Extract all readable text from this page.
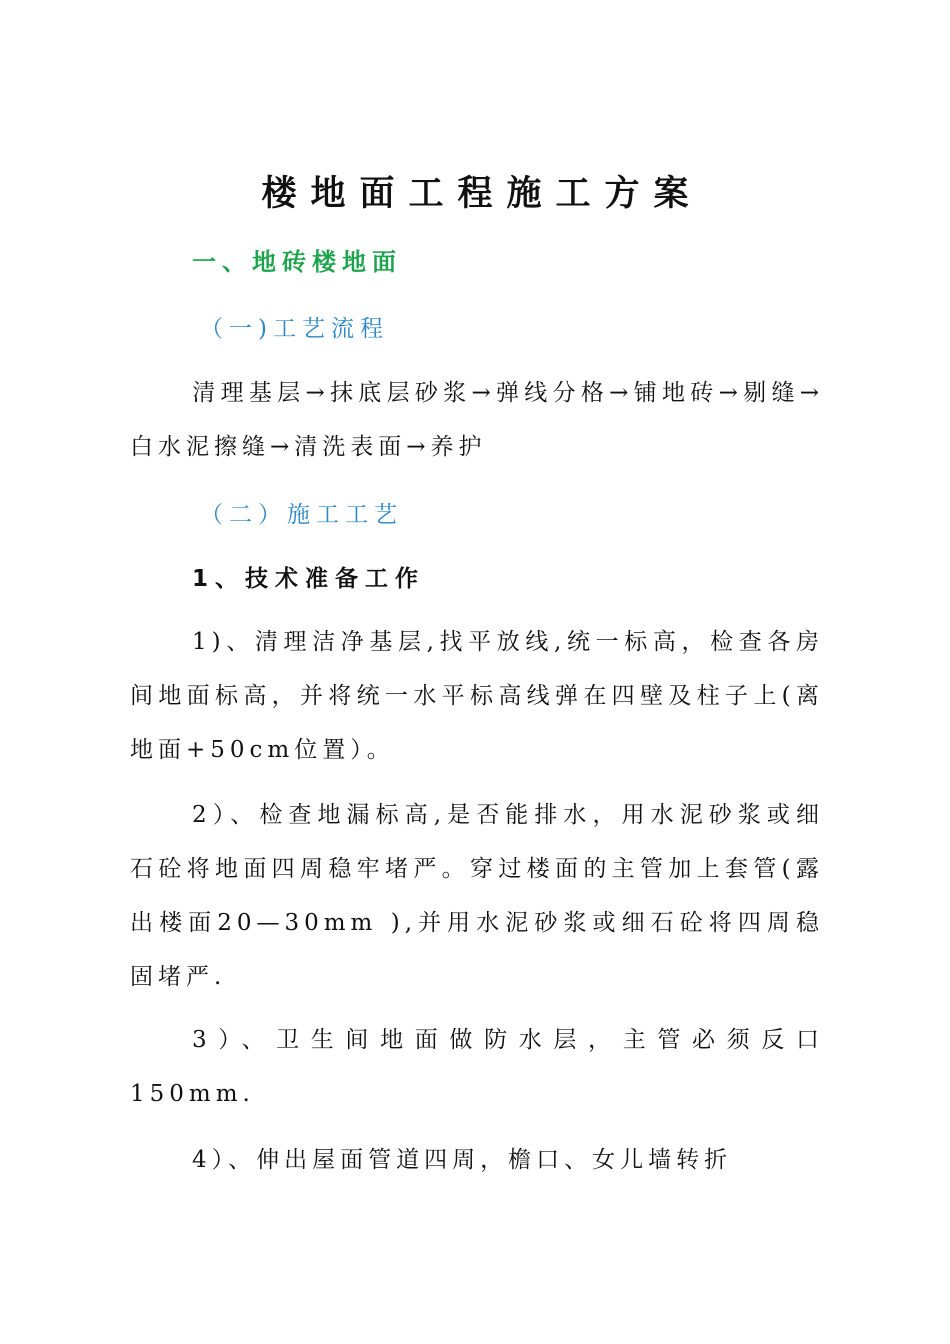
楼地面工程施工方案
一、地砖楼地面
（一)工艺流程
清理基层→抹底层砂浆→弹线分格→铺地砖→剔缝→白水泥擦缝→清洗表面→养护
（二）施工工艺
1、技术准备工作
1)、清理洁净基层,找平放线,统一标高，检查各房间地面标高，并将统一水平标高线弹在四壁及柱子上(离地面+50cm位置）。
2）、检查地漏标高,是否能排水，用水泥砂浆或细石砼将地面四周稳牢堵严。穿过楼面的主管加上套管(露出楼面20—30mm ),并用水泥砂浆或细石砼将四周稳固堵严.
3）、卫生间地面做防水层，主管必须反口150mm.
4）、伸出屋面管道四周，檐口、女儿墙转折
